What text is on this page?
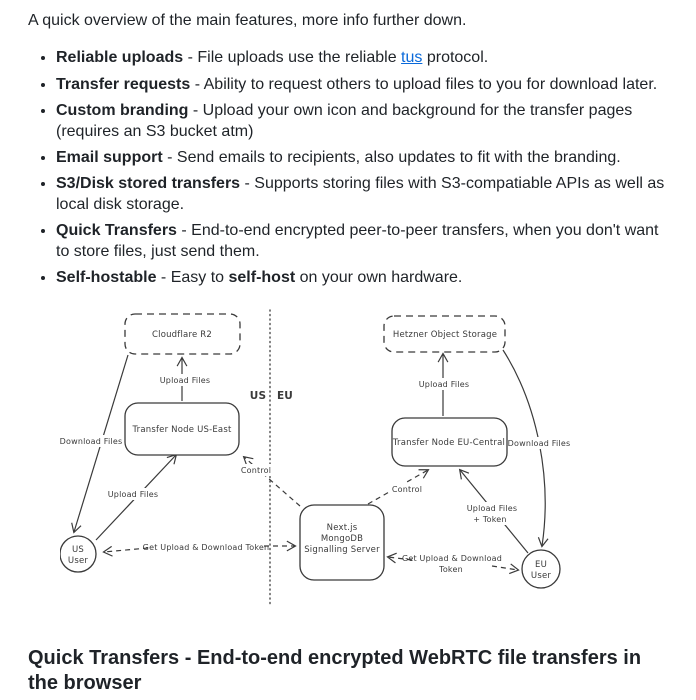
A quick overview of the main features, more info further down.

• Reliable uploads - File uploads use the reliable tus protocol.
• Transfer requests - Ability to request others to upload files to you for download later.
• Custom branding - Upload your own icon and background for the transfer pages (requires an S3 bucket atm)
• Email support - Send emails to recipients, also updates to fit with the branding.
• S3/Disk stored transfers - Supports storing files with S3-compatiable APIs as well as local disk storage.
• Quick Transfers - End-to-end encrypted peer-to-peer transfers, when you don't want to store files, just send them.
• Self-hostable - Easy to self-host on your own hardware.
US EU
Cloudflare R2	Hetzner Object Storage
Transfer Node US-East
Transfer Node EU-Central
Next.js
MongoDB
Signalling Server
US
User	EU
User
Upload Files
Download Files
Upload Files
Control
Get Upload & Download Token
Upload Files
Download Files
Upload Files
+ Token
Control
Get Upload & Download
Token
Quick Transfers - End-to-end encrypted WebRTC file transfers in the browser
